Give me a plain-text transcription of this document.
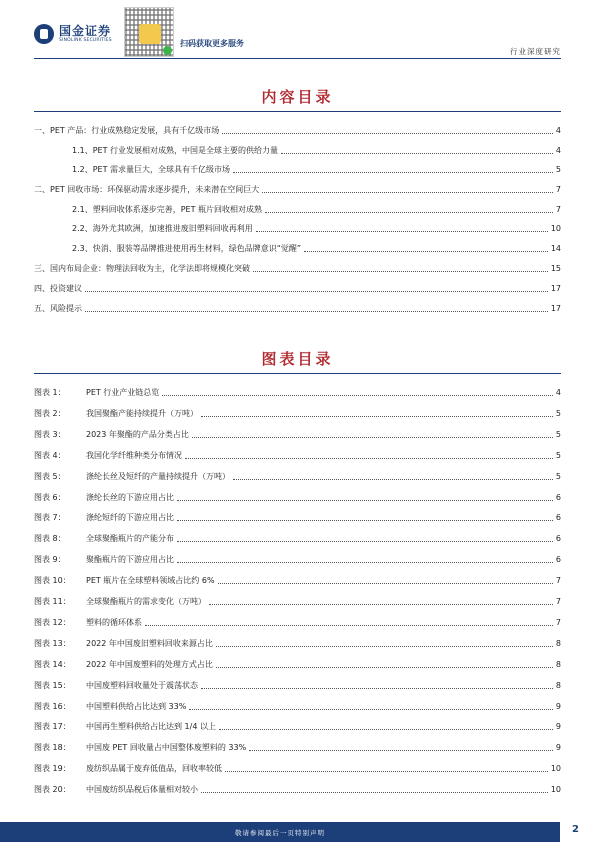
国金证券
SINOLINK SECURITIES	扫码获取更多服务
行业深度研究
内容目录
一、PET 产品：行业成熟稳定发展，具有千亿级市场	4
1.1、PET 行业发展相对成熟，中国是全球主要的供给力量	4
1.2、PET 需求量巨大，全球具有千亿级市场	5
二、PET 回收市场：环保驱动需求逐步提升，未来潜在空间巨大	7
2.1、塑料回收体系逐步完善，PET 瓶片回收相对成熟	7
2.2、海外尤其欧洲，加速推进废旧塑料回收再利用	10
2.3、快消、服装等品牌推进使用再生材料，绿色品牌意识“觉醒”	14
三、国内布局企业：物理法回收为主，化学法即将规模化突破	15
四、投资建议	17
五、风险提示	17
图表目录
图表 1：	PET 行业产业链总览	4
图表 2：	我国聚酯产能持续提升（万吨）	5
图表 3：	2023 年聚酯的产品分类占比	5
图表 4：	我国化学纤维种类分布情况	5
图表 5：	涤纶长丝及短纤的产量持续提升（万吨）	5
图表 6：	涤纶长丝的下游应用占比	6
图表 7：	涤纶短纤的下游应用占比	6
图表 8：	全球聚酯瓶片的产能分布	6
图表 9：	聚酯瓶片的下游应用占比	6
图表 10：	PET 瓶片在全球塑料领域占比约 6%	7
图表 11：	全球聚酯瓶片的需求变化（万吨）	7
图表 12：	塑料的循环体系	7
图表 13：	2022 年中国废旧塑料回收来源占比	8
图表 14：	2022 年中国废塑料的处理方式占比	8
图表 15：	中国废塑料回收量处于震荡状态	8
图表 16：	中国塑料供给占比达到 33%	9
图表 17：	中国再生塑料供给占比达到 1/4 以上	9
图表 18：	中国废 PET 回收量占中国整体废塑料的 33%	9
图表 19：	废纺织品属于废弃低值品，回收率较低	10
图表 20：	中国废纺织品税后体量相对较小	10
敬请参阅最后一页特别声明	2
